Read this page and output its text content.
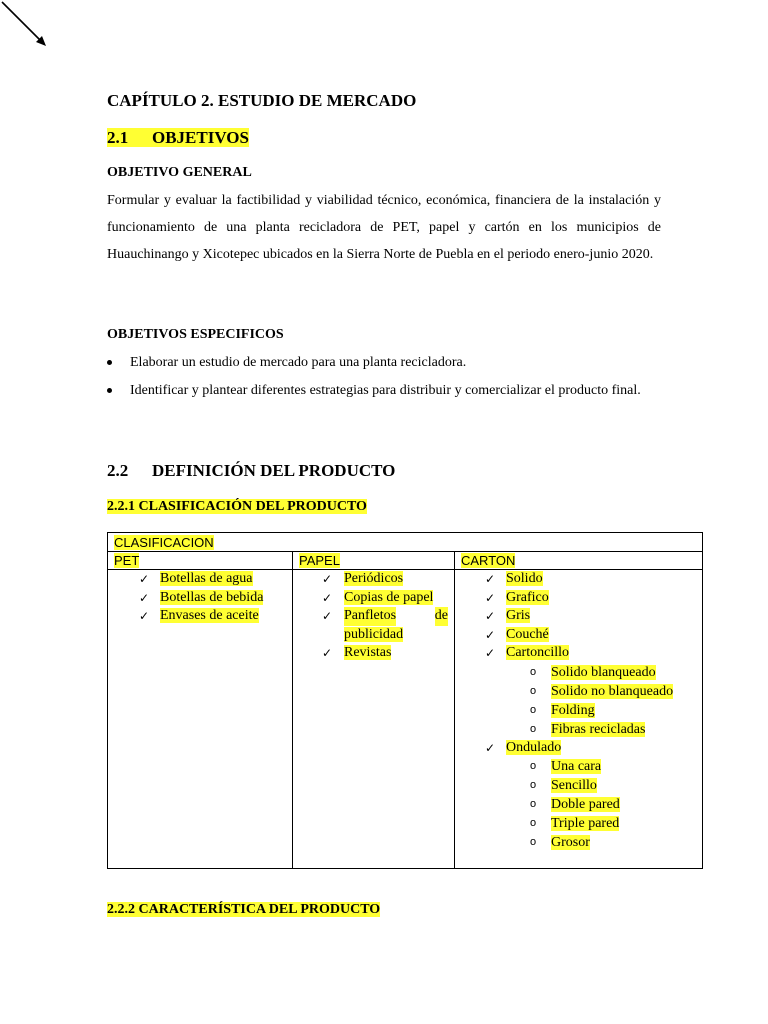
CAPÍTULO 2. ESTUDIO DE MERCADO
2.1 OBJETIVOS
OBJETIVO GENERAL
Formular y evaluar la factibilidad y viabilidad técnico, económica, financiera de la instalación y funcionamiento de una planta recicladora de PET, papel y cartón en los municipios de Huauchinango y Xicotepec ubicados en la Sierra Norte de Puebla en el periodo enero-junio 2020.
OBJETIVOS ESPECIFICOS
Elaborar un estudio de mercado para una planta recicladora.
Identificar y plantear diferentes estrategias para distribuir y comercializar el producto final.
2.2 DEFINICIÓN DEL PRODUCTO
2.2.1 CLASIFICACIÓN DEL PRODUCTO
CLASIFICACION
PET
✓ Botellas de agua
✓ Botellas de bebida
✓ Envases de aceite
PAPEL
✓ Periódicos
✓ Copias de papel
✓ Panfletos	de
publicidad
✓ Revistas
CARTON
✓ Solido
✓ Grafico
✓ Gris
✓ Couché
✓ Cartoncillo
o Solido blanqueado
o Solido no blanqueado
o Folding
o Fibras recicladas
✓ Ondulado
o Una cara
o Sencillo
o Doble pared
o Triple pared
o Grosor
2.2.2 CARACTERÍSTICA DEL PRODUCTO
